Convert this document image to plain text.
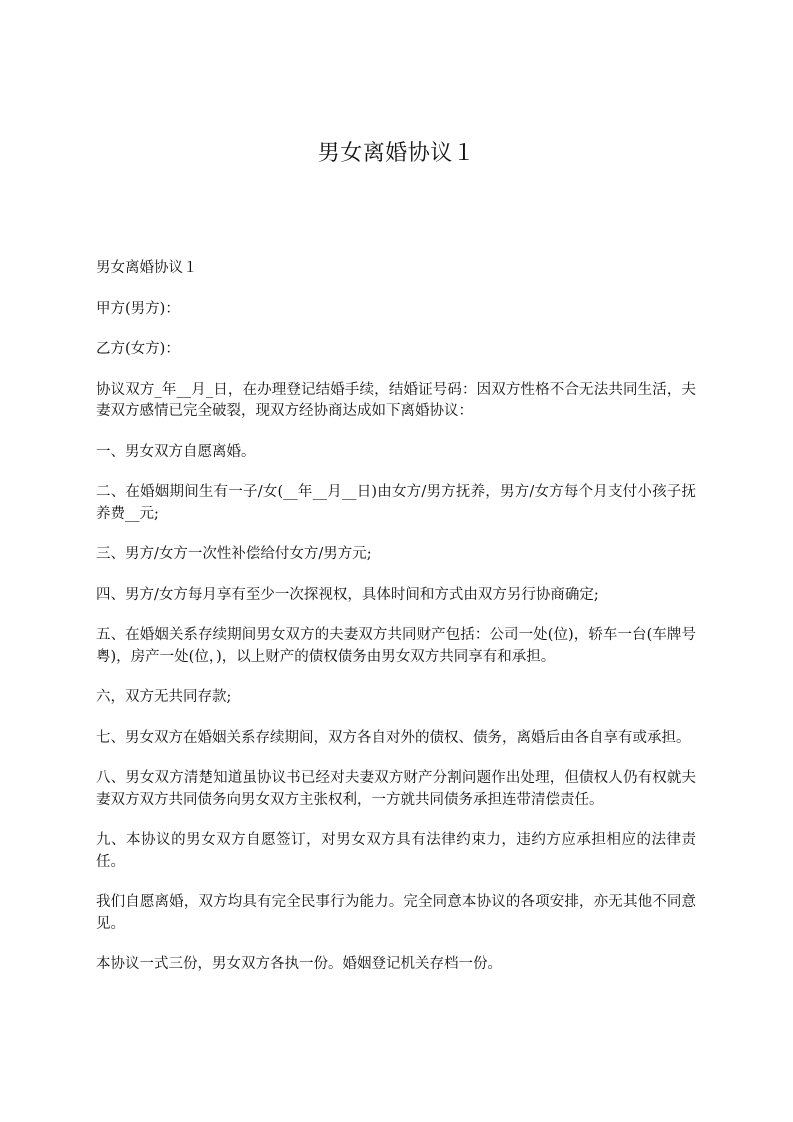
男女离婚协议１

男女离婚协议１

甲方(男方)：

乙方(女方)：

协议双方_年__月_日，在办理登记结婚手续，结婚证号码：因双方性格不合无法共同生活，夫妻双方感情已完全破裂，现双方经协商达成如下离婚协议：

一、男女双方自愿离婚。

二、在婚姻期间生有一子/女(__年__月__日)由女方/男方抚养，男方/女方每个月支付小孩子抚养费__元;

三、男方/女方一次性补偿给付女方/男方元;

四、男方/女方每月享有至少一次探视权，具体时间和方式由双方另行协商确定;

五、在婚姻关系存续期间男女双方的夫妻双方共同财产包括：公司一处(位)，轿车一台(车牌号粤)，房产一处(位，)，以上财产的债权债务由男女双方共同享有和承担。

六，双方无共同存款;

七、男女双方在婚姻关系存续期间，双方各自对外的债权、债务，离婚后由各自享有或承担。

八、男女双方清楚知道虽协议书已经对夫妻双方财产分割问题作出处理，但债权人仍有权就夫妻双方双方共同债务向男女双方主张权利，一方就共同债务承担连带清偿责任。

九、本协议的男女双方自愿签订，对男女双方具有法律约束力，违约方应承担相应的法律责任。

我们自愿离婚，双方均具有完全民事行为能力。完全同意本协议的各项安排，亦无其他不同意见。

本协议一式三份，男女双方各执一份。婚姻登记机关存档一份。
